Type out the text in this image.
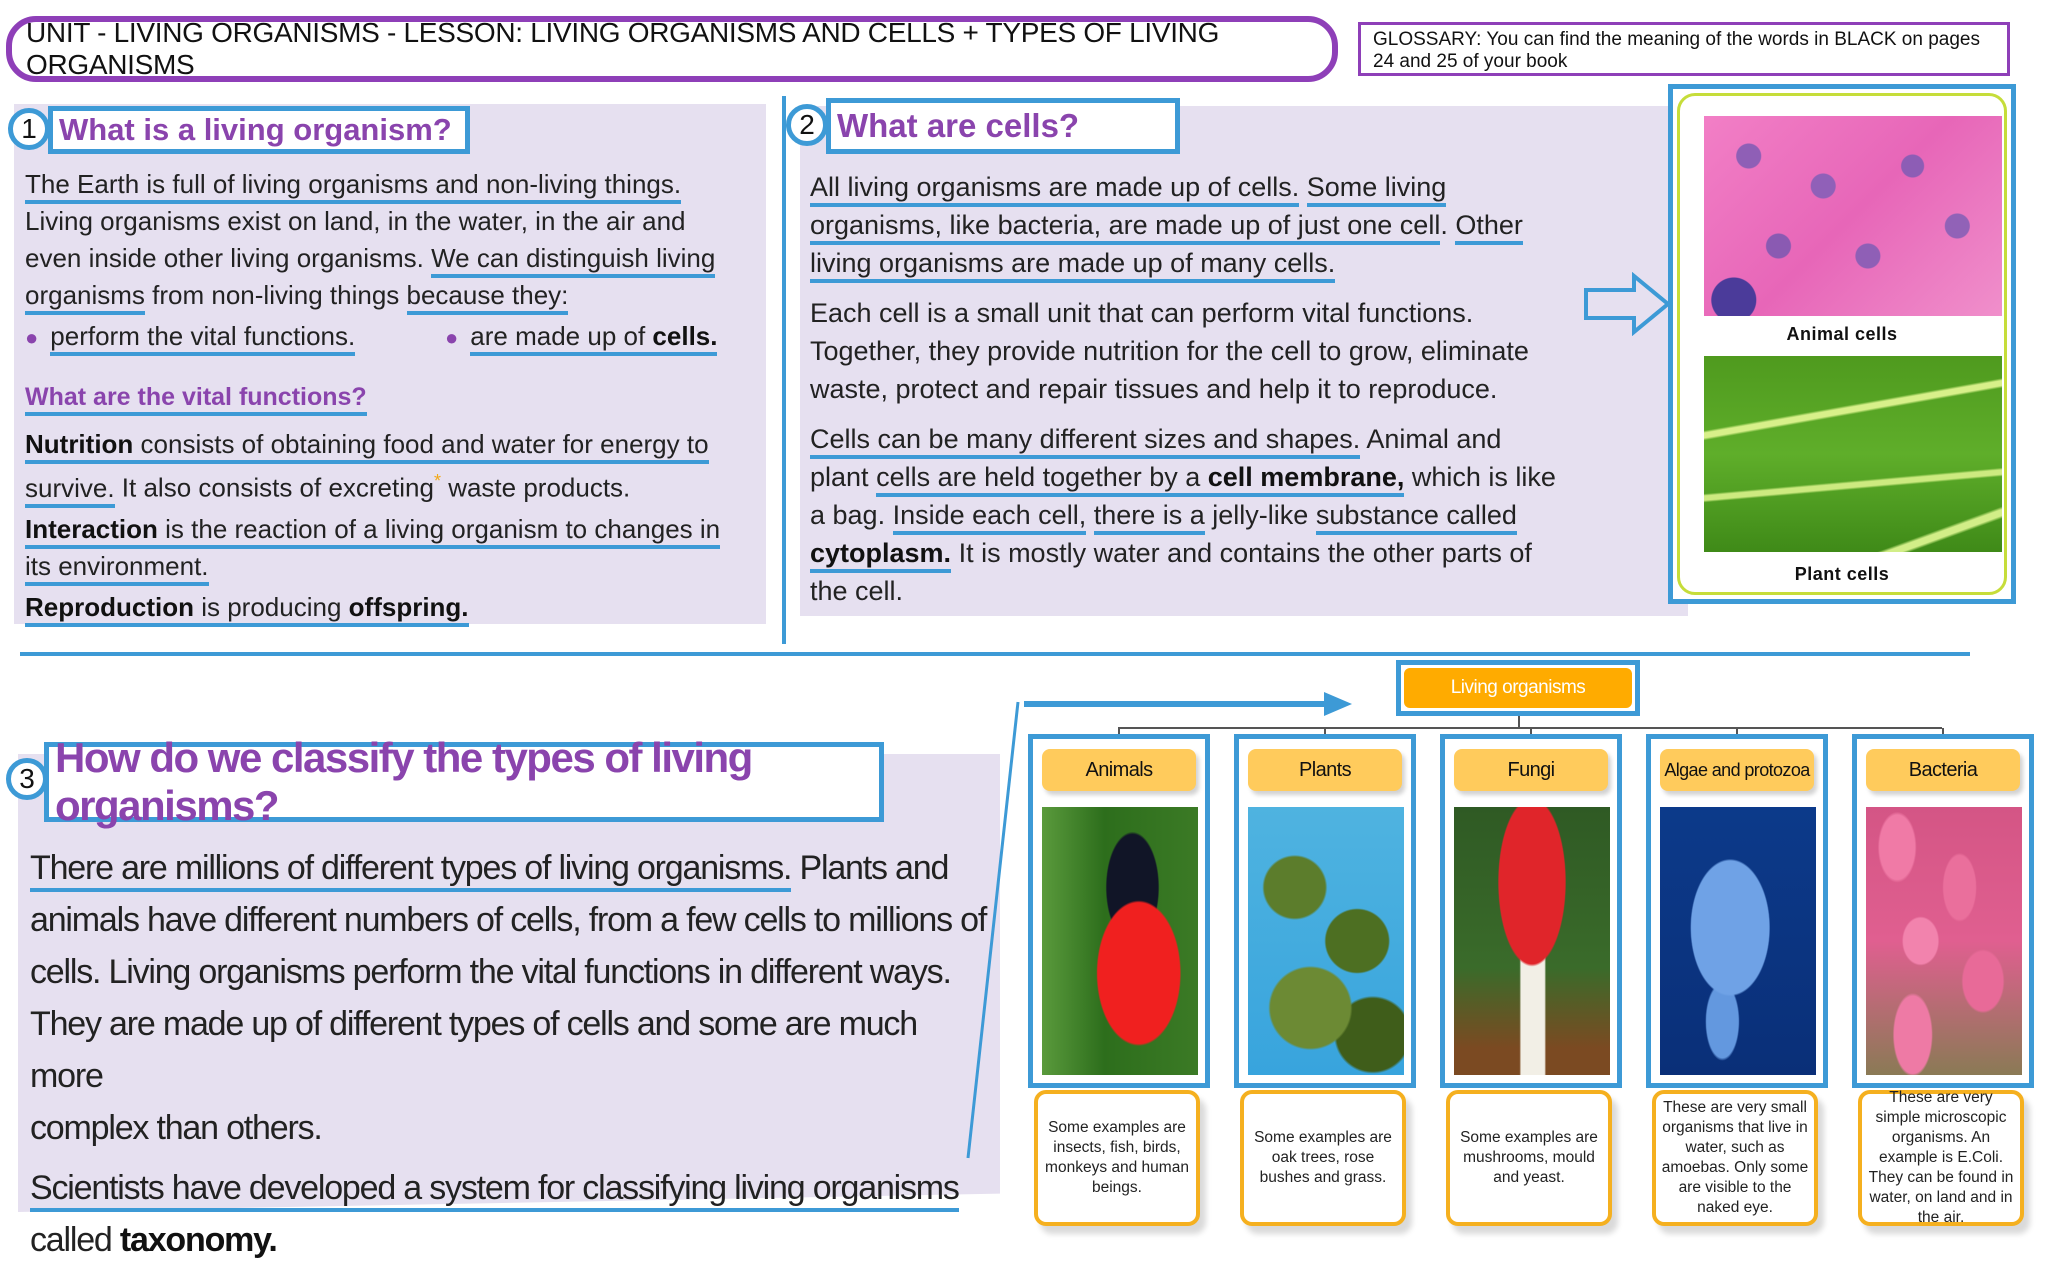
UNIT - LIVING ORGANISMS - LESSON: LIVING ORGANISMS AND CELLS + TYPES OF LIVING ORGANISMS
GLOSSARY: You can find the meaning of the words in BLACK on pages 24 and 25 of your book
1 What is a living organism?
The Earth is full of living organisms and non-living things.
Living organisms exist on land, in the water, in the air and
even inside other living organisms. We can distinguish living
organisms from non-living things because they:
● perform the vital functions.	● are made up of cells.
What are the vital functions?
Nutrition consists of obtaining food and water for energy to
survive. It also consists of excreting* waste products.
Interaction is the reaction of a living organism to changes in
its environment.
Reproduction is producing offspring.
2 What are cells?
All living organisms are made up of cells. Some living
organisms, like bacteria, are made up of just one cell. Other
living organisms are made up of many cells.
Each cell is a small unit that can perform vital functions.
Together, they provide nutrition for the cell to grow, eliminate
waste, protect and repair tissues and help it to reproduce.
Cells can be many different sizes and shapes. Animal and
plant cells are held together by a cell membrane, which is like
a bag. Inside each cell, there is a jelly-like substance called
cytoplasm. It is mostly water and contains the other parts of
the cell.
Animal cells
Plant cells
3 How do we classify the types of living organisms?
There are millions of different types of living organisms. Plants and
animals have different numbers of cells, from a few cells to millions of
cells. Living organisms perform the vital functions in different ways.
They are made up of different types of cells and some are much more
complex than others.
Scientists have developed a system for classifying living organisms
called taxonomy.
Living organisms
Animals
Some examples are insects, fish, birds, monkeys and human beings.
Plants
Some examples are oak trees, rose bushes and grass.
Fungi
Some examples are mushrooms, mould and yeast.
Algae and protozoa
These are very small organisms that live in water, such as amoebas. Only some are visible to the naked eye.
Bacteria
These are very simple microscopic organisms. An example is E.Coli. They can be found in water, on land and in the air.
